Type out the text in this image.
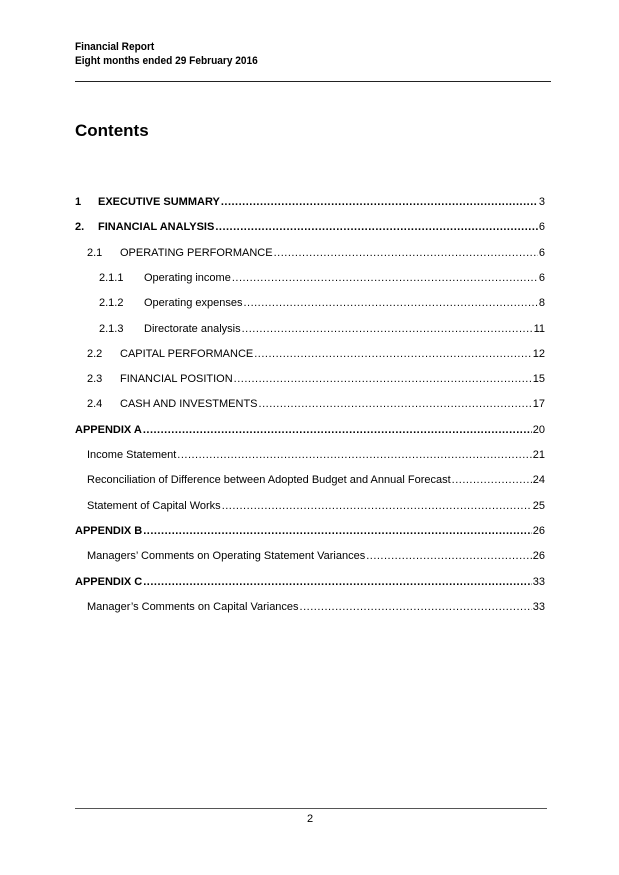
Financial Report
Eight months ended 29 February 2016
Contents
1	EXECUTIVE SUMMARY .....	3
2.	FINANCIAL ANALYSIS .....	6
2.1	OPERATING PERFORMANCE .....	6
2.1.1	Operating income .....	6
2.1.2	Operating expenses .....	8
2.1.3	Directorate analysis .....	11
2.2	CAPITAL PERFORMANCE .....	12
2.3	FINANCIAL POSITION .....	15
2.4	CASH AND INVESTMENTS .....	17
APPENDIX A .....	20
Income Statement .....	21
Reconciliation of Difference between Adopted Budget and Annual Forecast .....	24
Statement of Capital Works .....	25
APPENDIX B .....	26
Managers’ Comments on Operating Statement Variances .....	26
APPENDIX C .....	33
Manager’s Comments on Capital Variances .....	33
2
